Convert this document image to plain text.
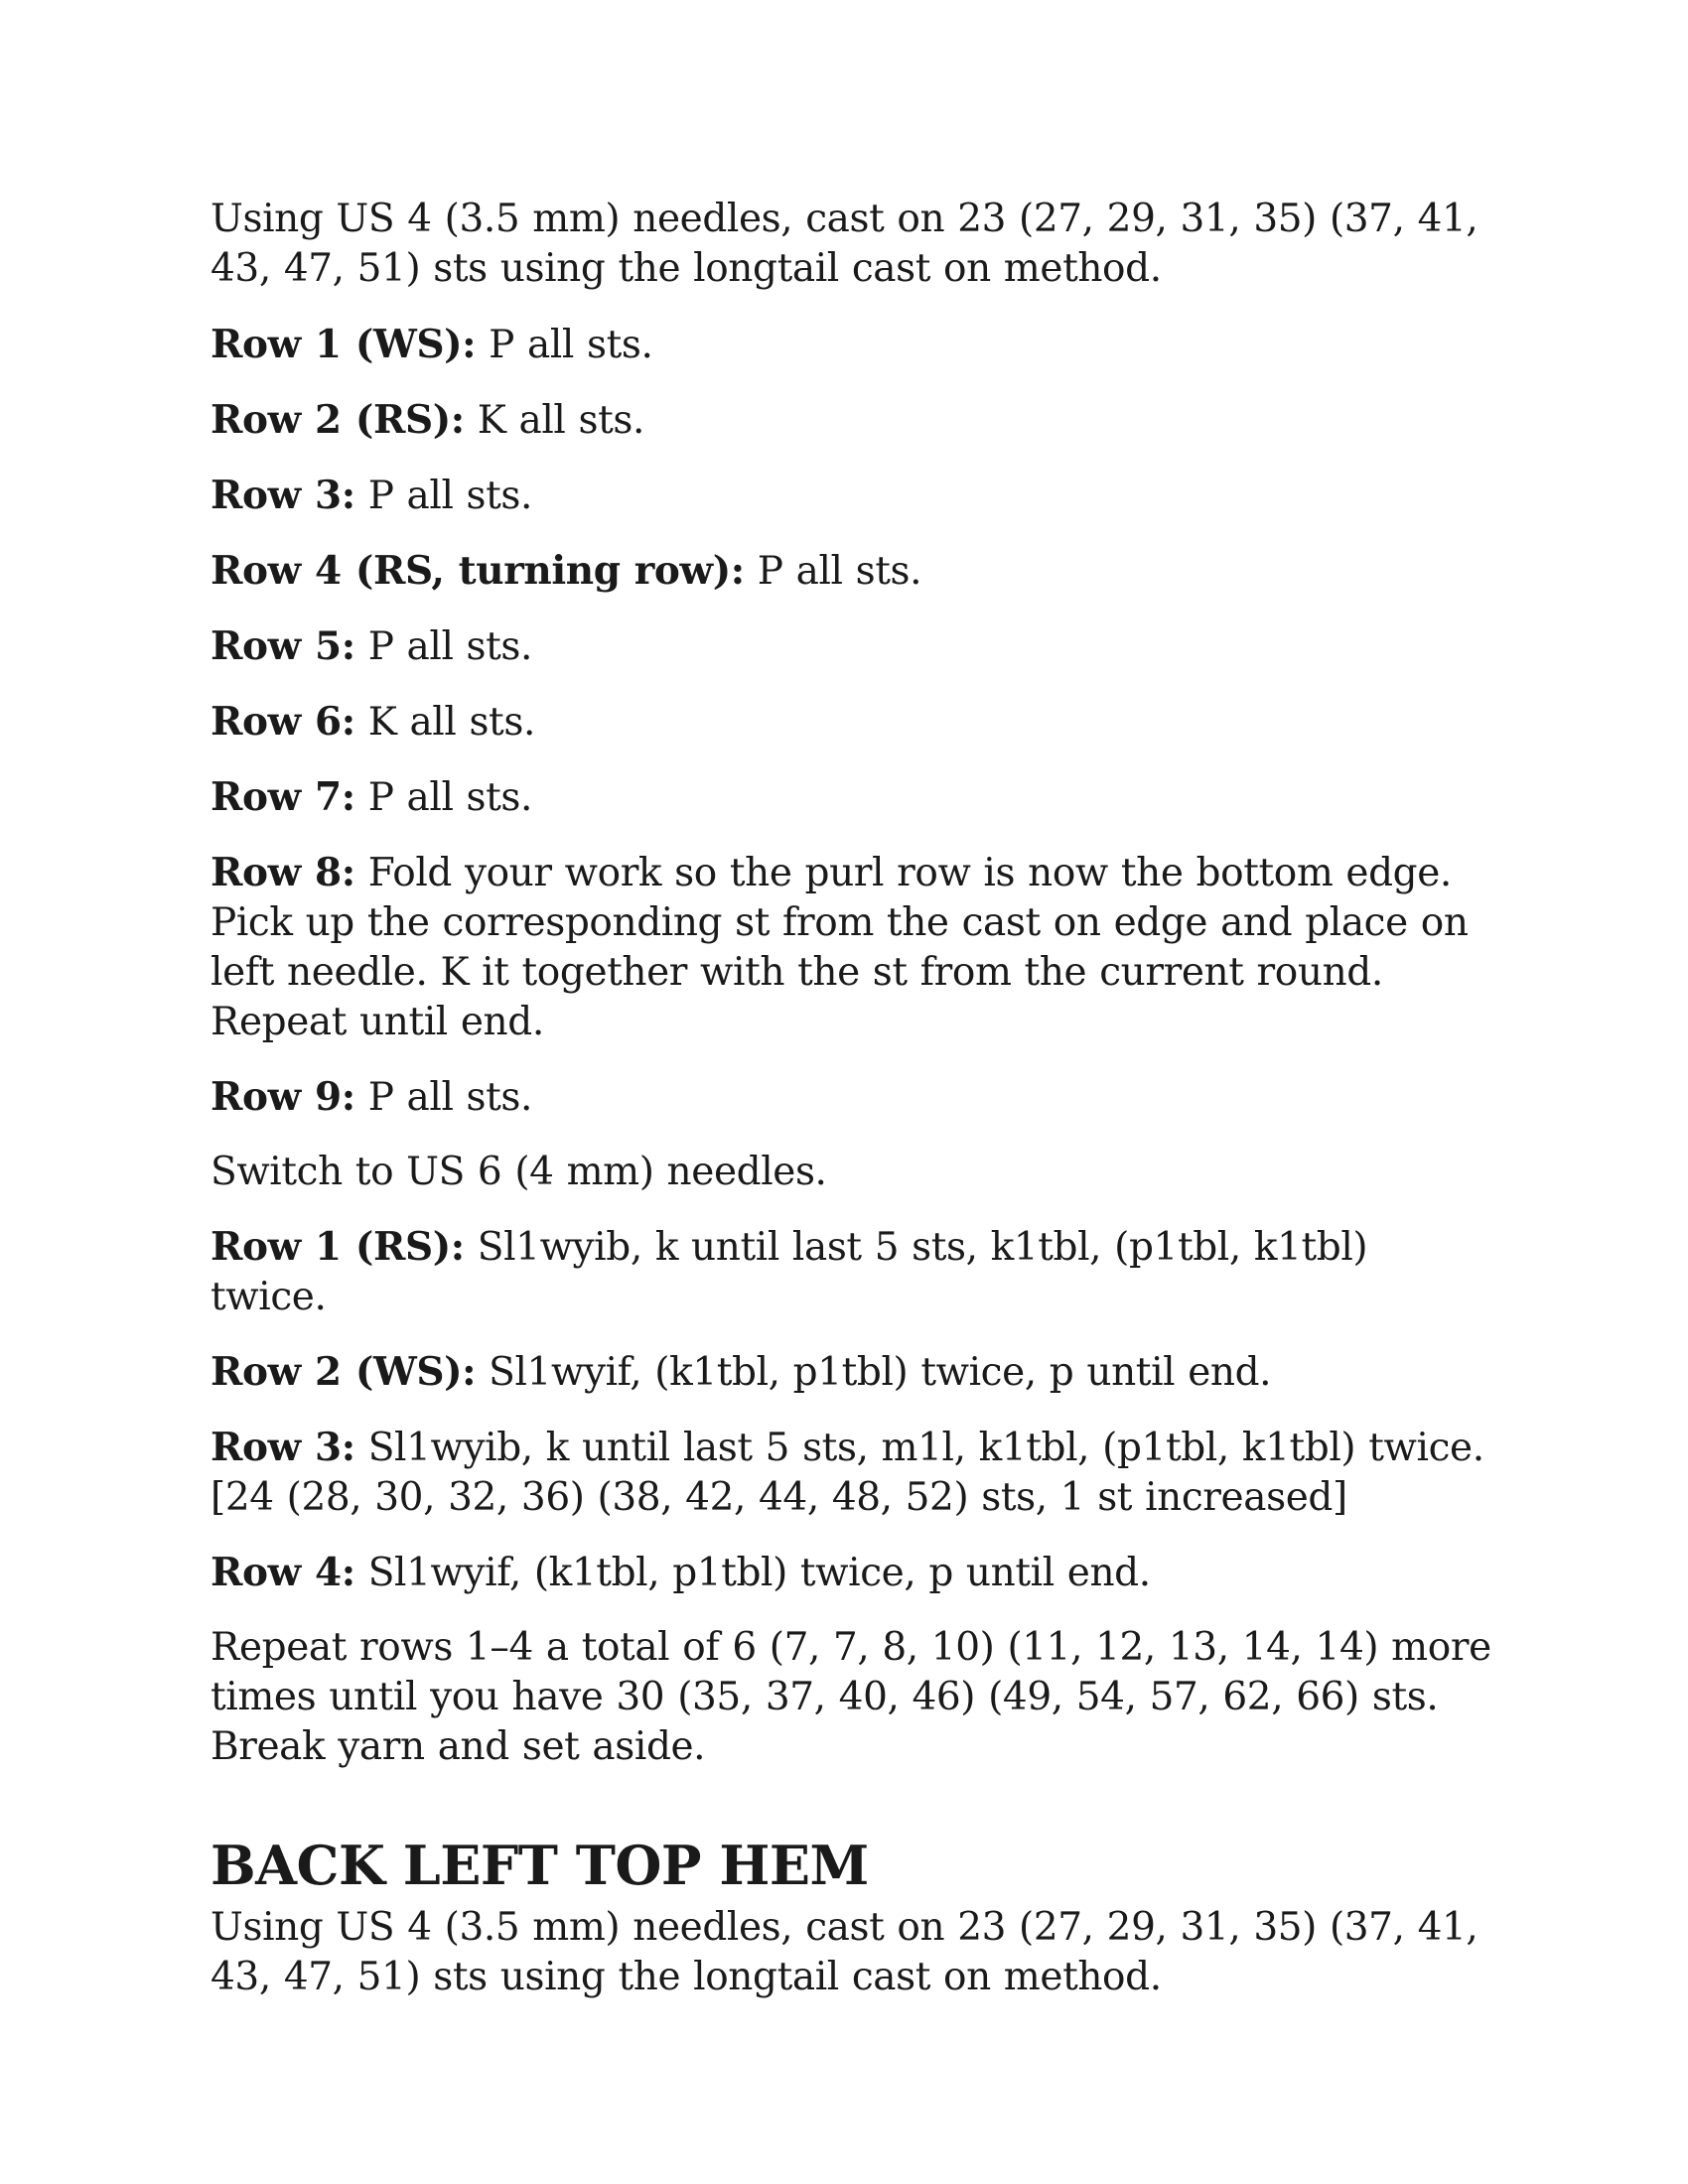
Using US 4 (3.5 mm) needles, cast on 23 (27, 29, 31, 35) (37, 41, 43, 47, 51) sts using the longtail cast on method.

Row 1 (WS): P all sts.

Row 2 (RS): K all sts.

Row 3: P all sts.

Row 4 (RS, turning row): P all sts.

Row 5: P all sts.

Row 6: K all sts.

Row 7: P all sts.

Row 8: Fold your work so the purl row is now the bottom edge. Pick up the corresponding st from the cast on edge and place on left needle. K it together with the st from the current round. Repeat until end.

Row 9: P all sts.

Switch to US 6 (4 mm) needles.

Row 1 (RS): Sl1wyib, k until last 5 sts, k1tbl, (p1tbl, k1tbl) twice.

Row 2 (WS): Sl1wyif, (k1tbl, p1tbl) twice, p until end.

Row 3: Sl1wyib, k until last 5 sts, m1l, k1tbl, (p1tbl, k1tbl) twice. [24 (28, 30, 32, 36) (38, 42, 44, 48, 52) sts, 1 st increased]

Row 4: Sl1wyif, (k1tbl, p1tbl) twice, p until end.

Repeat rows 1–4 a total of 6 (7, 7, 8, 10) (11, 12, 13, 14, 14) more times until you have 30 (35, 37, 40, 46) (49, 54, 57, 62, 66) sts. Break yarn and set aside.

BACK LEFT TOP HEM

Using US 4 (3.5 mm) needles, cast on 23 (27, 29, 31, 35) (37, 41, 43, 47, 51) sts using the longtail cast on method.
